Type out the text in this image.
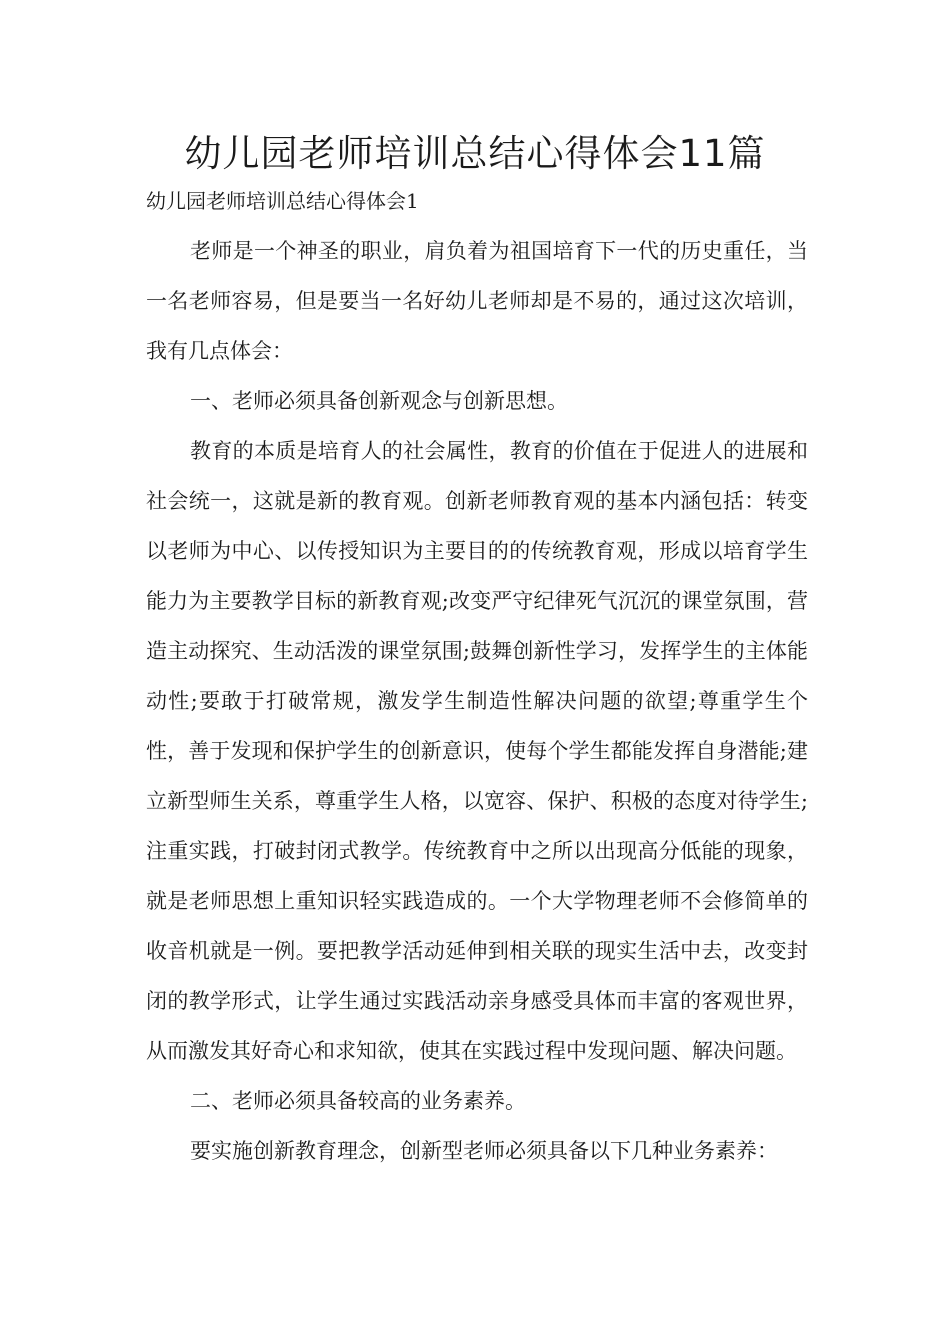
幼儿园老师培训总结心得体会11篇
幼儿园老师培训总结心得体会1

老师是一个神圣的职业，肩负着为祖国培育下一代的历史重任，当一名老师容易，但是要当一名好幼儿老师却是不易的，通过这次培训，我有几点体会：

一、老师必须具备创新观念与创新思想。

教育的本质是培育人的社会属性，教育的价值在于促进人的进展和社会统一，这就是新的教育观。创新老师教育观的基本内涵包括：转变以老师为中心、以传授知识为主要目的的传统教育观，形成以培育学生能力为主要教学目标的新教育观;改变严守纪律死气沉沉的课堂氛围，营造主动探究、生动活泼的课堂氛围;鼓舞创新性学习，发挥学生的主体能动性;要敢于打破常规，激发学生制造性解决问题的欲望;尊重学生个性，善于发现和保护学生的创新意识，使每个学生都能发挥自身潜能;建立新型师生关系，尊重学生人格，以宽容、保护、积极的态度对待学生;注重实践，打破封闭式教学。传统教育中之所以出现高分低能的现象，就是老师思想上重知识轻实践造成的。一个大学物理老师不会修简单的收音机就是一例。要把教学活动延伸到相关联的现实生活中去，改变封闭的教学形式，让学生通过实践活动亲身感受具体而丰富的客观世界，从而激发其好奇心和求知欲，使其在实践过程中发现问题、解决问题。

二、老师必须具备较高的业务素养。

要实施创新教育理念，创新型老师必须具备以下几种业务素养：
